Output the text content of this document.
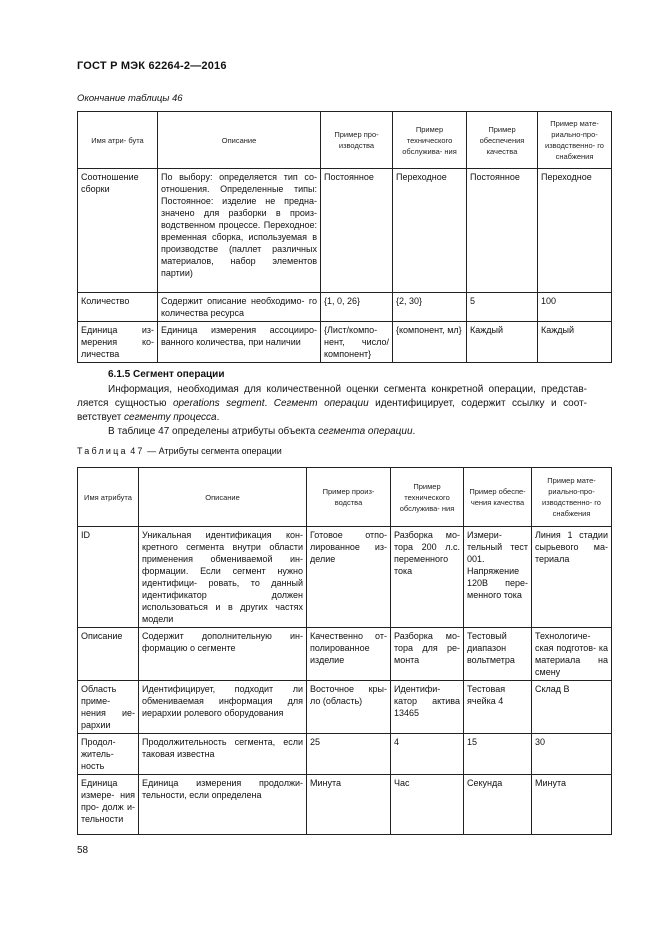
ГОСТ Р МЭК 62264-2—2016
Окончание таблицы 46
Имя атри- бута	Описание	Пример про- изводства	Пример технического обслужива- ния	Пример обеспечения качества	Пример мате- риально-про- изводственно- го снабжения
Соотношение сборки	По выбору: определяется тип со- отношения. Определенные типы: Постоянное: изделие не предна- значено для разборки в произ- водственном процессе. Переходное: временная сборка, используемая в производстве (паллет различных материалов, набор элементов партии)	Постоянное	Переходное	Постоянное	Переходное
Количество	Содержит описание необходимо- го количества ресурса	{1, 0, 26}	{2, 30}	5	100
Единица из- мерения ко- личества	Единица измерения ассоцииро- ванного количества, при наличии	{Лист/компо- нент, число/ компонент}	{компонент, мл}	Каждый	Каждый
6.1.5 Сегмент операции
Информация, необходимая для количественной оценки сегмента конкретной операции, представ- ляется сущностью operations segment. Сегмент операции идентифицирует, содержит ссылку и соот- ветствует сегменту процесса.
В таблице 47 определены атрибуты объекта сегмента операции.
Таблица 47 — Атрибуты сегмента операции
Имя атрибута	Описание	Пример произ- водства	Пример технического обслужива- ния	Пример обеспе- чения качества	Пример мате- риально-про- изводственно- го снабжения
ID	Уникальная идентификация кон- кретного сегмента внутри области применения обмениваемой ин- формации. Если сегмент нужно идентифици- ровать, то данный идентификатор должен использоваться и в других частях модели	Готовое отпо- лированное из- делие	Разборка мо- тора 200 л.с. переменного тока	Измери- тельный тест 001. Напряжение 120В пере- менного тока	Линия 1 стадии сырьевого ма- териала
Описание	Содержит дополнительную ин- формацию о сегменте	Качественно от- полированное изделие	Разборка мо- тора для ре- монта	Тестовый диапазон вольтметра	Технологиче- ская подготов- ка материала на смену
Область приме- нения ие- рархии	Идентифицирует, подходит ли обмениваемая информация для иерархии ролевого оборудования	Восточное кры- ло (область)	Идентифи- катор актива 13465	Тестовая ячейка 4	Склад В
Продол- житель- ность	Продолжительность сегмента, если таковая известна	25	4	15	30
Единица измере- ния про- долж и- тельности	Единица измерения продолжи- тельности, если определена	Минута	Час	Секунда	Минута
58
